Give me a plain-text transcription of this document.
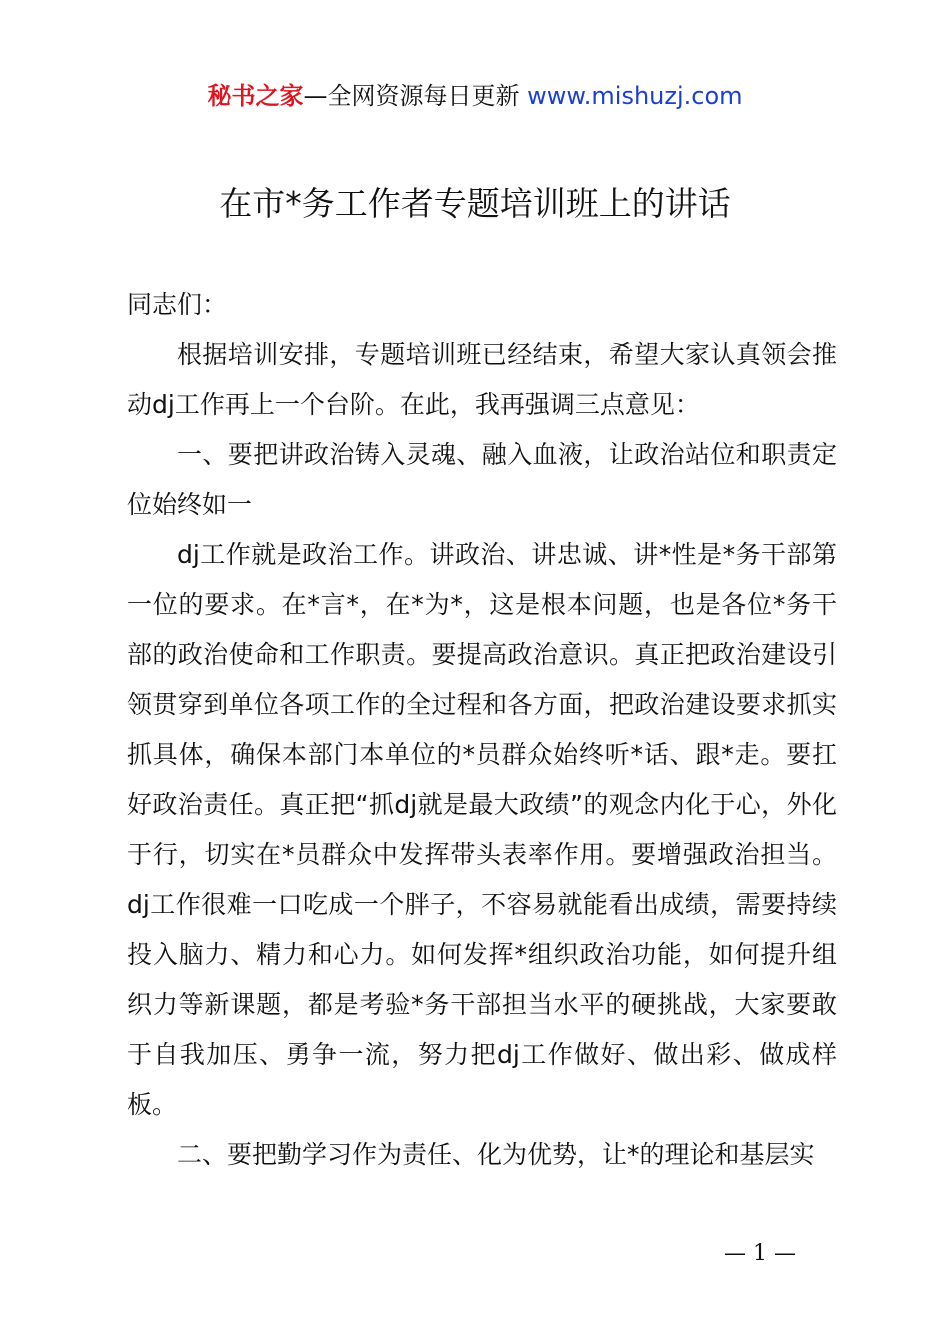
秘书之家—全网资源每日更新 www.mishuzj.com
在市*务工作者专题培训班上的讲话

同志们：

根据培训安排，专题培训班已经结束，希望大家认真领会推动dj工作再上一个台阶。在此，我再强调三点意见：

一、要把讲政治铸入灵魂、融入血液，让政治站位和职责定位始终如一

dj工作就是政治工作。讲政治、讲忠诚、讲*性是*务干部第一位的要求。在*言*，在*为*，这是根本问题，也是各位*务干部的政治使命和工作职责。要提高政治意识。真正把政治建设引领贯穿到单位各项工作的全过程和各方面，把政治建设要求抓实抓具体，确保本部门本单位的*员群众始终听*话、跟*走。要扛好政治责任。真正把“抓dj就是最大政绩”的观念内化于心，外化于行，切实在*员群众中发挥带头表率作用。要增强政治担当。dj工作很难一口吃成一个胖子，不容易就能看出成绩，需要持续投入脑力、精力和心力。如何发挥*组织政治功能，如何提升组织力等新课题，都是考验*务干部担当水平的硬挑战，大家要敢于自我加压、勇争一流，努力把dj工作做好、做出彩、做成样板。

二、要把勤学习作为责任、化为优势，让*的理论和基层实

— 1 —
